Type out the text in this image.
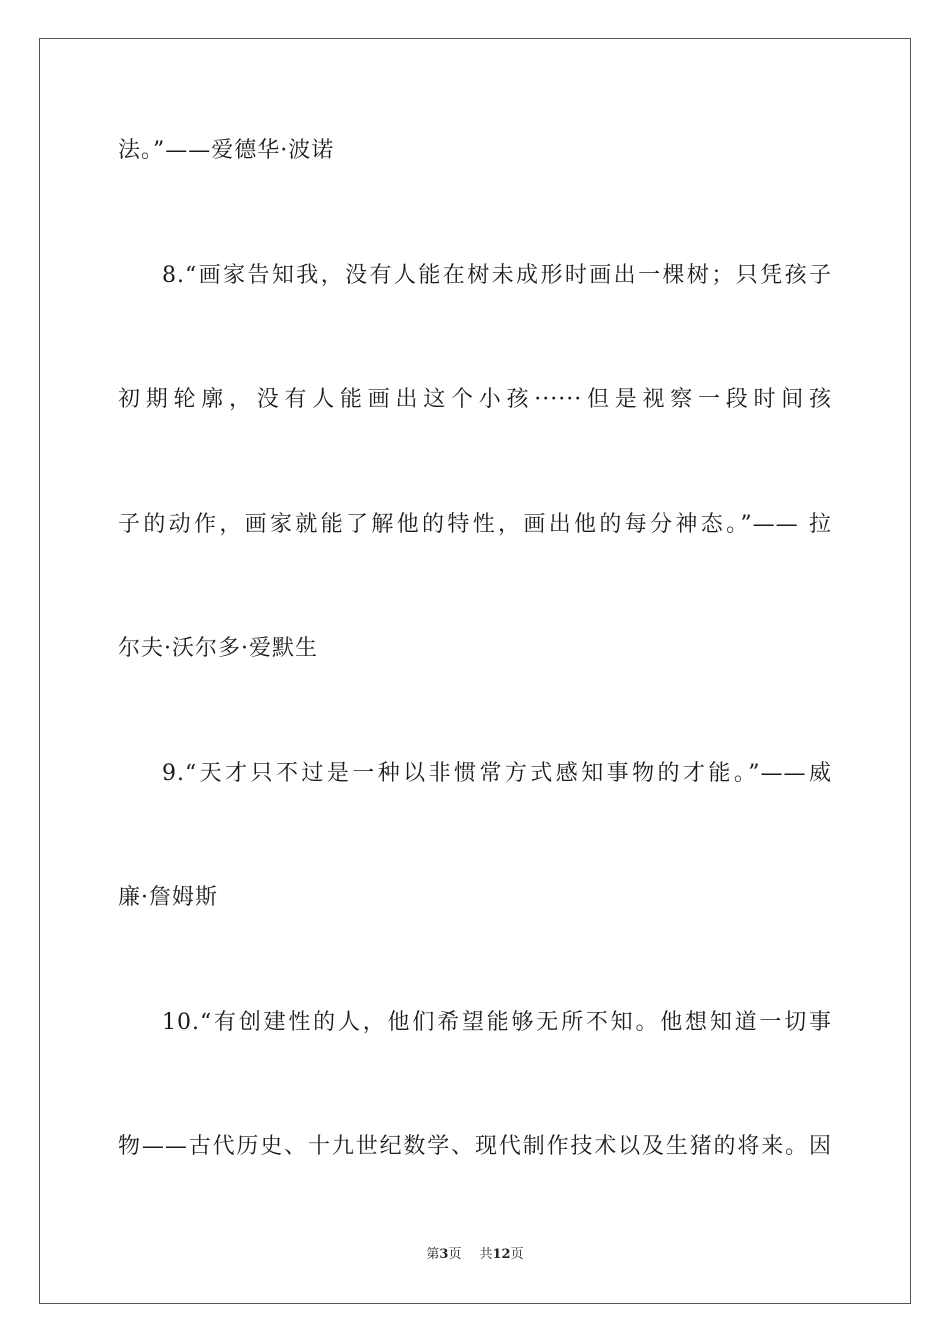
法。”——爱德华·波诺
8.“画家告知我，没有人能在树未成形时画出一棵树；只凭孩子
初期轮廓，没有人能画出这个小孩······但是视察一段时间孩
子的动作，画家就能了解他的特性，画出他的每分神态。”—— 拉
尔夫·沃尔多·爱默生
9.“天才只不过是一种以非惯常方式感知事物的才能。”——威
廉·詹姆斯
10.“有创建性的人，他们希望能够无所不知。他想知道一切事
物——古代历史、十九世纪数学、现代制作技术以及生猪的将来。因
第3页 共12页
